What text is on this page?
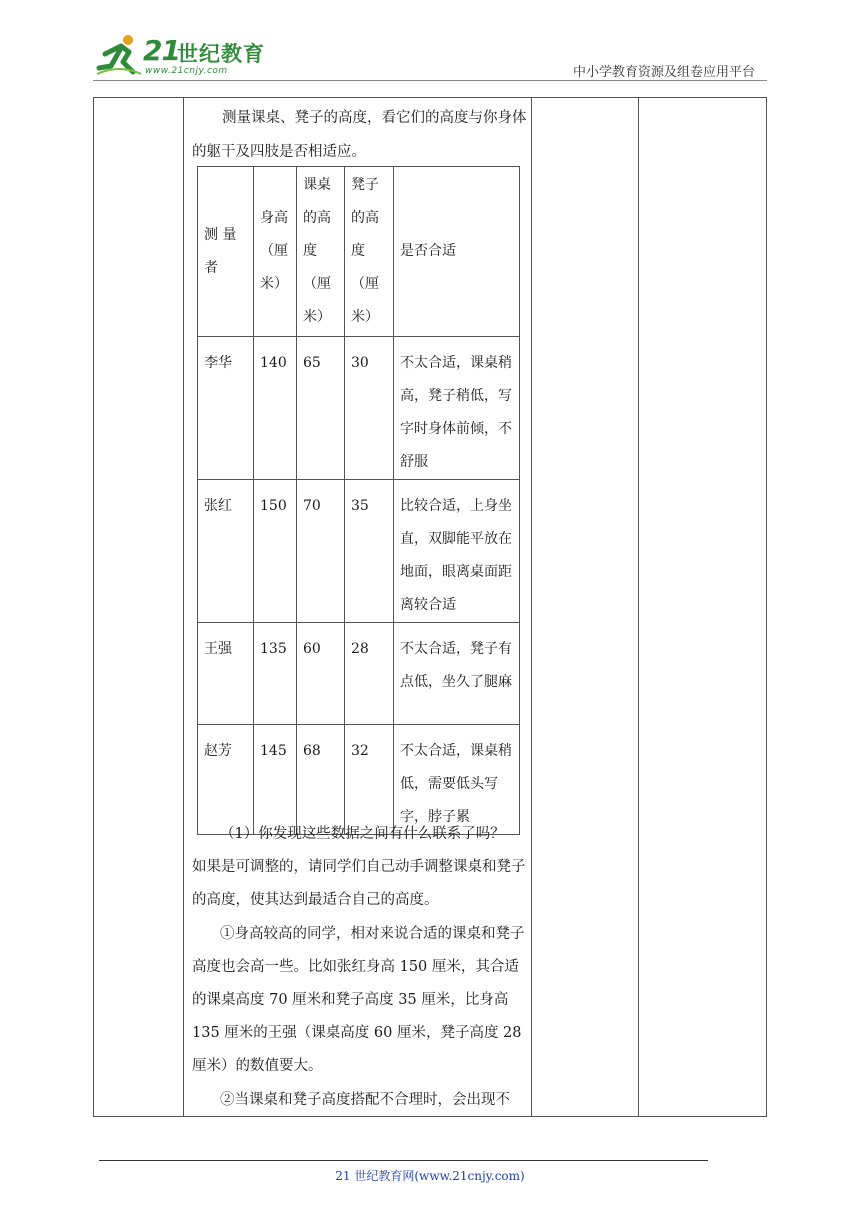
21
世纪教育
www.21cnjy.com	中小学教育资源及组卷应用平台

测量课桌、凳子的高度，看它们的高度与你身体的躯干及四肢是否相适应。

测 量者	身高（厘米）	课桌的高度（厘米）	凳子的高度（厘米）	是否合适
李华	140	65	30	不太合适，课桌稍高，凳子稍低，写字时身体前倾，不舒服
张红	150	70	35	比较合适，上身坐直，双脚能平放在地面，眼离桌面距离较合适
王强	135	60	28	不太合适，凳子有点低，坐久了腿麻
赵芳	145	68	32	不太合适，课桌稍低，需要低头写字，脖子累
（1）你发现这些数据之间有什么联系了吗？
如果是可调整的，请同学们自己动手调整课桌和凳子的高度，使其达到最适合自己的高度。
①身高较高的同学，相对来说合适的课桌和凳子高度也会高一些。比如张红身高 150 厘米，其合适的课桌高度 70 厘米和凳子高度 35 厘米，比身高 135 厘米的王强（课桌高度 60 厘米，凳子高度 28 厘米）的数值要大。
②当课桌和凳子高度搭配不合理时，会出现不
21 世纪教育网(www.21cnjy.com)
